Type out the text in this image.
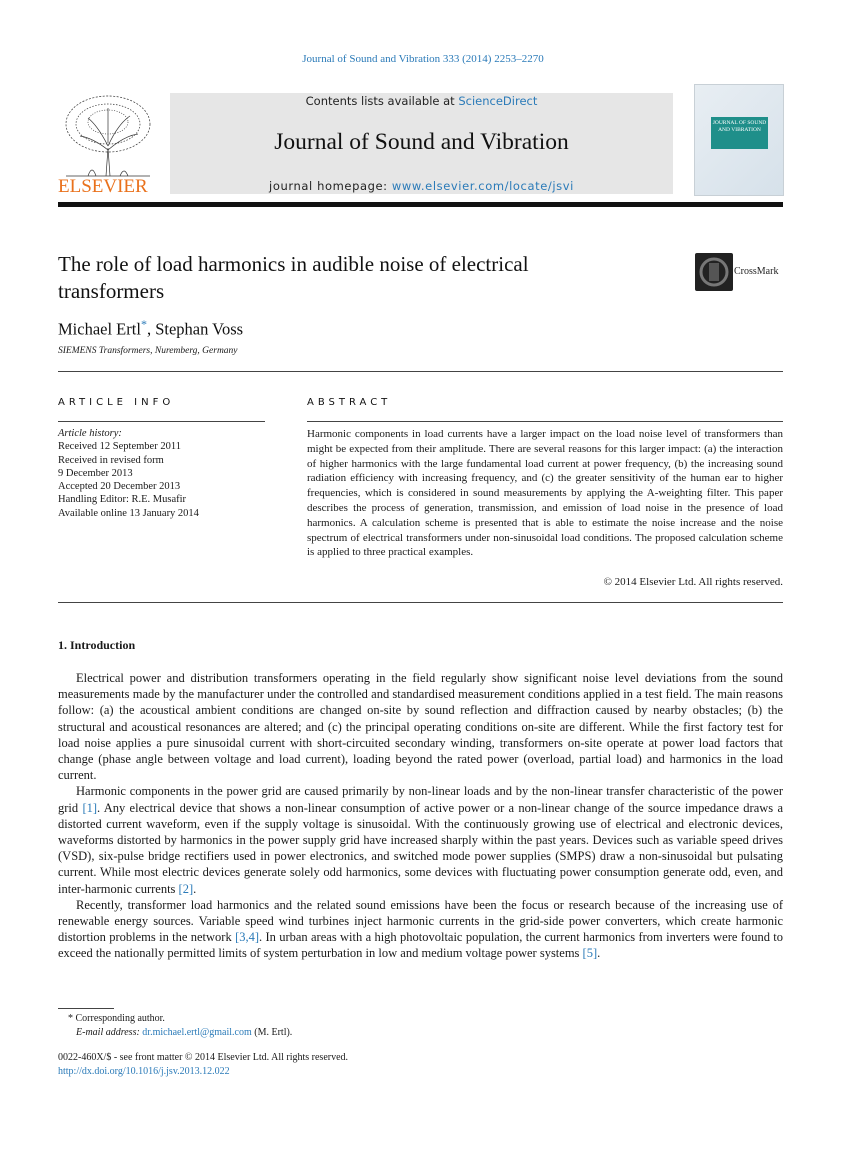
Journal of Sound and Vibration 333 (2014) 2253–2270
ELSEVIER
Contents lists available at ScienceDirect
Journal of Sound and Vibration
journal homepage: www.elsevier.com/locate/jsvi
JOURNAL OF SOUND AND VIBRATION
The role of load harmonics in audible noise of electrical transformers
CrossMark
Michael Ertl*, Stephan Voss
SIEMENS Transformers, Nuremberg, Germany
ARTICLE INFO
Article history:
Received 12 September 2011
Received in revised form
9 December 2013
Accepted 20 December 2013
Handling Editor: R.E. Musafir
Available online 13 January 2014
ABSTRACT
Harmonic components in load currents have a larger impact on the load noise level of transformers than might be expected from their amplitude. There are several reasons for this larger impact: (a) the interaction of higher harmonics with the large fundamental load current at power frequency, (b) the increasing sound radiation efficiency with increasing frequency, and (c) the greater sensitivity of the human ear to higher frequencies, which is considered in sound measurements by applying the A-weighting filter. This paper describes the process of generation, transmission, and emission of load noise in the presence of load harmonics. A calculation scheme is presented that is able to estimate the noise increase and the noise spectrum of electrical transformers under non-sinusoidal load conditions. The proposed calculation scheme is applied to three practical examples.
© 2014 Elsevier Ltd. All rights reserved.
1. Introduction

Electrical power and distribution transformers operating in the field regularly show significant noise level deviations from the sound measurements made by the manufacturer under the controlled and standardised measurement conditions applied in a test field. The main reasons follow: (a) the acoustical ambient conditions are changed on-site by sound reflection and diffraction caused by nearby obstacles; (b) the structural and acoustical resonances are altered; and (c) the principal operating conditions on-site are different. While the first factory test for load noise applies a pure sinusoidal current with short-circuited secondary winding, transformers on-site operate at power load factors that change (phase angle between voltage and load current), loading beyond the rated power (overload, partial load) and harmonics in the load current.

Harmonic components in the power grid are caused primarily by non-linear loads and by the non-linear transfer characteristic of the power grid [1]. Any electrical device that shows a non-linear consumption of active power or a non-linear change of the source impedance draws a distorted current waveform, even if the supply voltage is sinusoidal. With the continuously growing use of electrical and electronic devices, waveforms distorted by harmonics in the power supply grid have increased sharply within the past years. Devices such as variable speed drives (VSD), six-pulse bridge rectifiers used in power electronics, and switched mode power supplies (SMPS) draw a non-sinusoidal but pulsating current. While most electric devices generate solely odd harmonics, some devices with fluctuating power consumption generate odd, even, and inter-harmonic currents [2].

Recently, transformer load harmonics and the related sound emissions have been the focus or research because of the increasing use of renewable energy sources. Variable speed wind turbines inject harmonic currents in the grid-side power converters, which create harmonic distortion problems in the network [3,4]. In urban areas with a high photovoltaic population, the current harmonics from inverters were found to exceed the nationally permitted limits of system perturbation in low and medium voltage power systems [5].

* Corresponding author.
E-mail address: dr.michael.ertl@gmail.com (M. Ertl).
0022-460X/$ - see front matter © 2014 Elsevier Ltd. All rights reserved.
http://dx.doi.org/10.1016/j.jsv.2013.12.022
